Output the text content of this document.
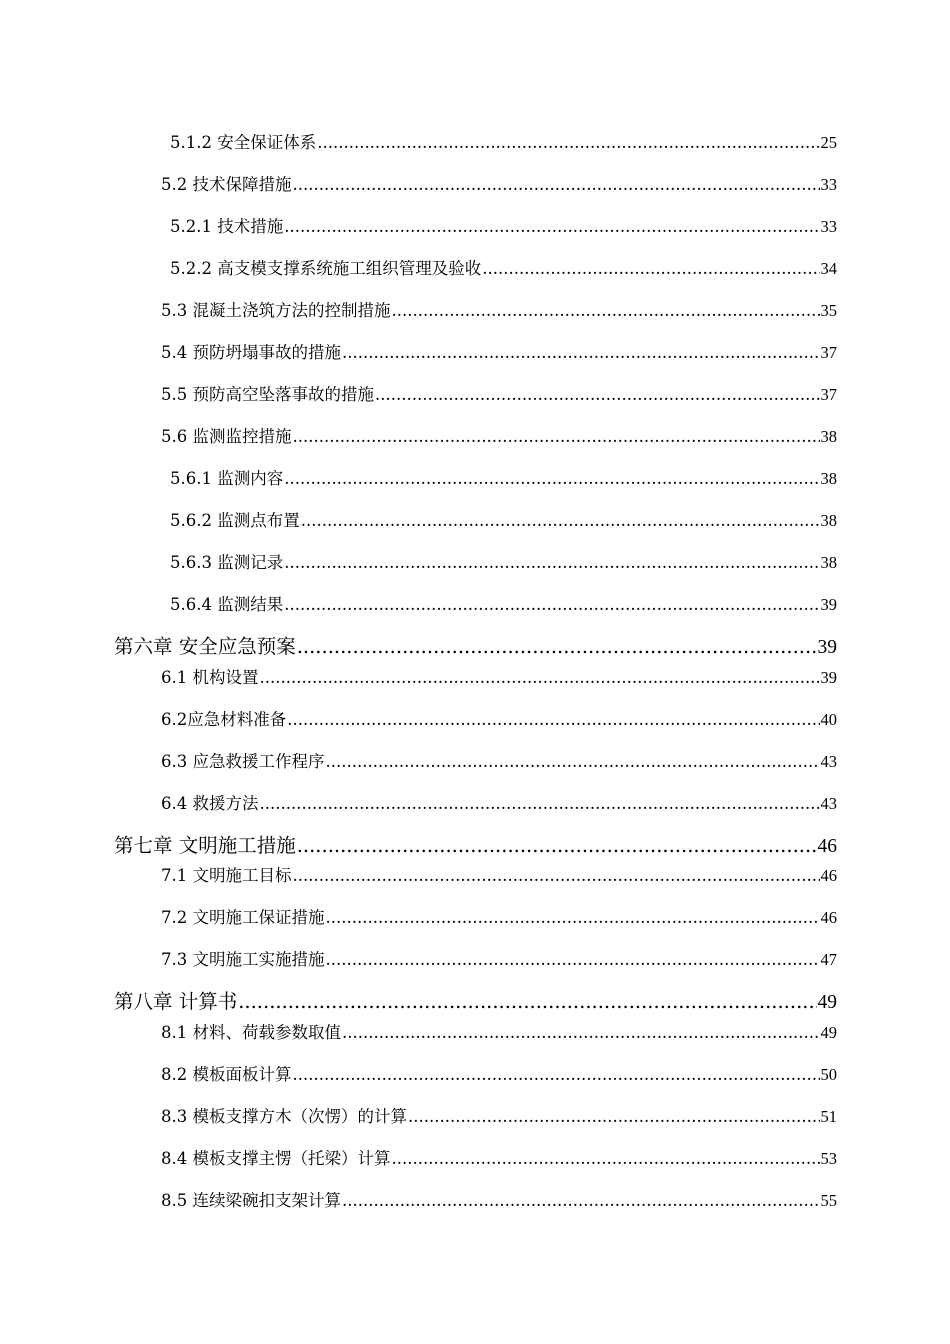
5.1.2 安全保证体系 .....	25
5.2 技术保障措施 .....	33
5.2.1 技术措施 .....	33
5.2.2 高支模支撑系统施工组织管理及验收 .....	34
5.3 混凝土浇筑方法的控制措施 .....	35
5.4 预防坍塌事故的措施 .....	37
5.5 预防高空坠落事故的措施 .....	37
5.6 监测监控措施 .....	38
5.6.1 监测内容 .....	38
5.6.2 监测点布置 .....	38
5.6.3 监测记录 .....	38
5.6.4 监测结果 .....	39
第六章 安全应急预案 .....	39
6.1 机构设置 .....	39
6.2应急材料准备 .....	40
6.3 应急救援工作程序 .....	43
6.4 救援方法 .....	43
第七章 文明施工措施 .....	46
7.1 文明施工目标 .....	46
7.2 文明施工保证措施 .....	46
7.3 文明施工实施措施 .....	47
第八章 计算书 .....	49
8.1 材料、荷载参数取值 .....	49
8.2 模板面板计算 .....	50
8.3 模板支撑方木（次愣）的计算 .....	51
8.4 模板支撑主愣（托梁）计算 .....	53
8.5 连续梁碗扣支架计算 .....	55
